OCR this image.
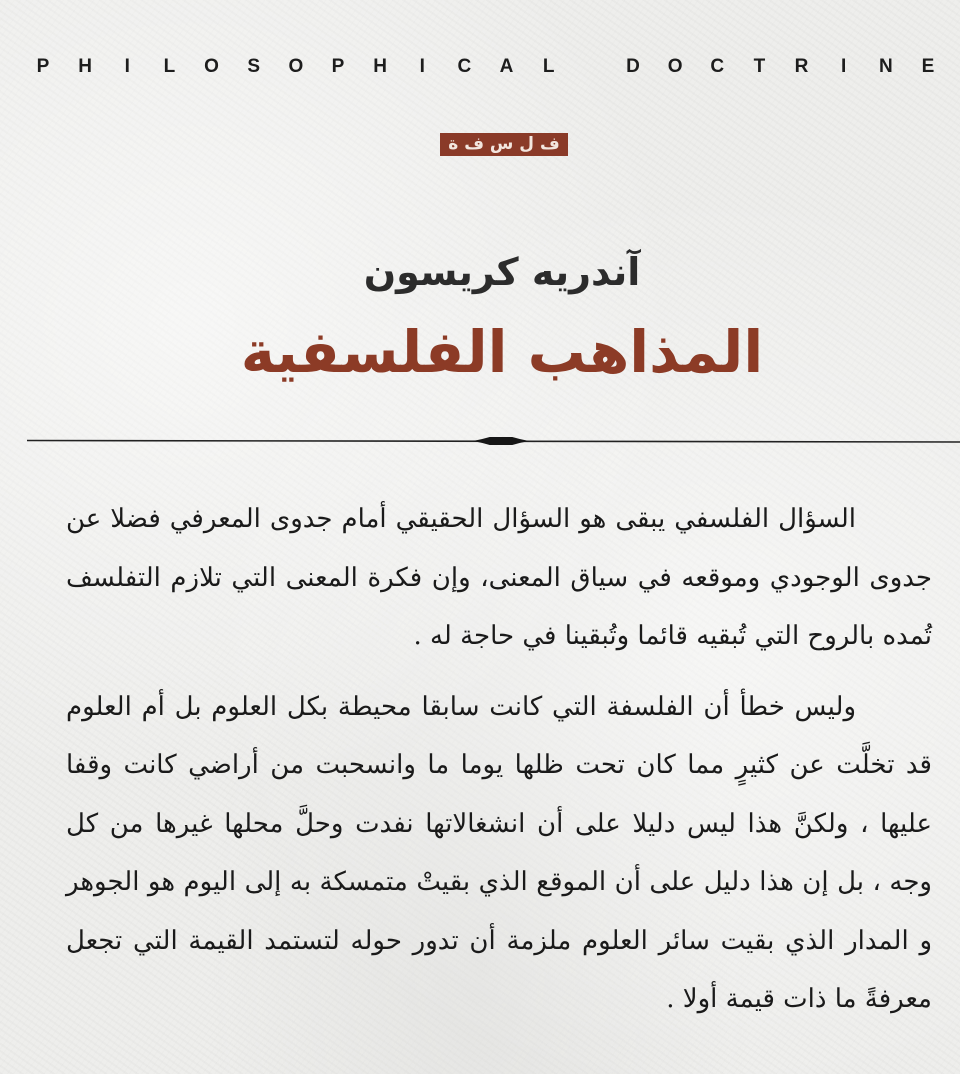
P H	I	L O S O P H	I	C A L	D O C T R	I	N E
ف ل س ف ة
آندريه كريسون
المذاهب الفلسفية

السؤال الفلسفي يبقى هو السؤال الحقيقي أمام جدوى المعرفي فضلا عن جدوى الوجودي وموقعه في سياق المعنى، وإن فكرة المعنى التي تلازم التفلسف تُمده بالروح التي تُبقيه قائما وتُبقينا في حاجة له .

وليس خطأ أن الفلسفة التي كانت سابقا محيطة بكل العلوم بل أم العلوم قد تخلَّت عن كثيرٍ مما كان تحت ظلها يوما ما وانسحبت من أراضي كانت وقفا عليها ، ولكنَّ هذا ليس دليلا على أن انشغالاتها نفدت وحلَّ محلها غيرها من كل وجه ، بل إن هذا دليل على أن الموقع الذي بقيتْ متمسكة به إلى اليوم هو الجوهر و المدار الذي بقيت سائر العلوم ملزمة أن تدور حوله لتستمد القيمة التي تجعل معرفةً ما ذات قيمة أولا .
